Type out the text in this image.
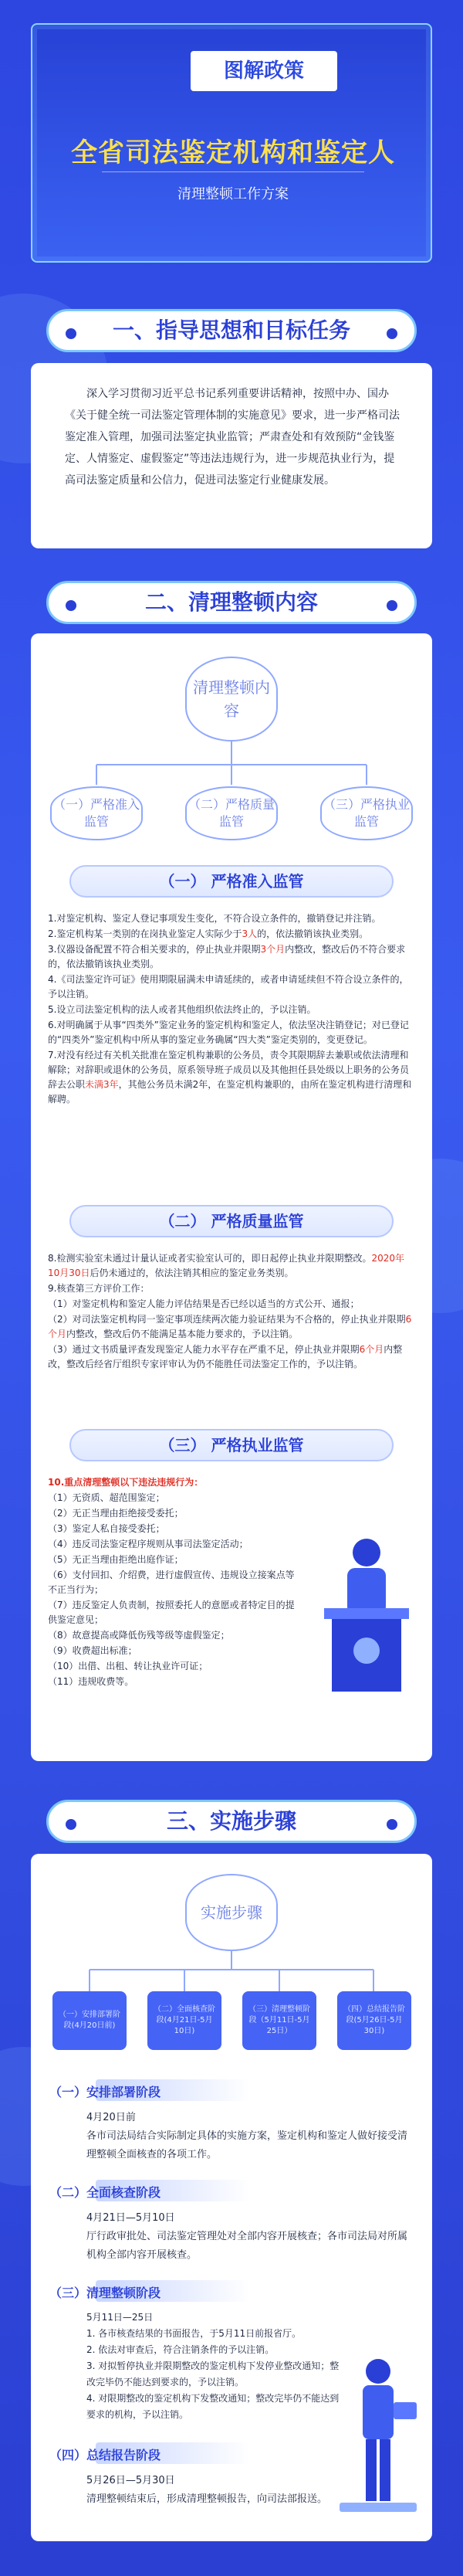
图解政策
全省司法鉴定机构和鉴定人
清理整顿工作方案
一、指导思想和目标任务
深入学习贯彻习近平总书记系列重要讲话精神，按照中办、国办《关于健全统一司法鉴定管理体制的实施意见》要求，进一步严格司法鉴定准入管理，加强司法鉴定执业监管；严肃查处和有效预防“金钱鉴定、人情鉴定、虚假鉴定”等违法违规行为，进一步规范执业行为，提高司法鉴定质量和公信力，促进司法鉴定行业健康发展。
二、清理整顿内容
清理整顿内容
（一）严格准入监管
（二）严格质量监管
（三）严格执业监管
（一） 严格准入监管

1.对鉴定机构、鉴定人登记事项发生变化，不符合设立条件的，撤销登记并注销。

2.鉴定机构某一类别的在岗执业鉴定人实际少于3人的，依法撤销该执业类别。

3.仪器设备配置不符合相关要求的，停止执业并限期3个月内整改，整改后仍不符合要求的，依法撤销该执业类别。

4.《司法鉴定许可证》使用期限届满未申请延续的，或者申请延续但不符合设立条件的，予以注销。

5.设立司法鉴定机构的法人或者其他组织依法终止的，予以注销。

6.对明确属于从事“四类外”鉴定业务的鉴定机构和鉴定人，依法坚决注销登记；对已登记的“四类外”鉴定机构中所从事的鉴定业务确属“四大类”鉴定类别的，变更登记。

7.对没有经过有关机关批准在鉴定机构兼职的公务员，责令其限期辞去兼职或依法清理和解除；对辞职或退休的公务员，原系领导班子成员以及其他担任县处级以上职务的公务员辞去公职未满3年，其他公务员未满2年，在鉴定机构兼职的，由所在鉴定机构进行清理和解聘。

（二） 严格质量监管

8.检测实验室未通过计量认证或者实验室认可的，即日起停止执业并限期整改。2020年10月30日后仍未通过的，依法注销其相应的鉴定业务类别。

9.核查第三方评价工作：

（1）对鉴定机构和鉴定人能力评估结果是否已经以适当的方式公开、通报；

（2）对司法鉴定机构同一鉴定事项连续两次能力验证结果为不合格的，停止执业并限期6个月内整改，整改后仍不能满足基本能力要求的，予以注销。

（3）通过文书质量评查发现鉴定人能力水平存在严重不足，停止执业并限期6个月内整改，整改后经省厅组织专家评审认为仍不能胜任司法鉴定工作的，予以注销。

（三） 严格执业监管

10.重点清理整顿以下违法违规行为：

（1）无资质、超范围鉴定；

（2）无正当理由拒绝接受委托；

（3）鉴定人私自接受委托；

（4）违反司法鉴定程序规则从事司法鉴定活动；

（5）无正当理由拒绝出庭作证；

（6）支付回扣、介绍费，进行虚假宣传、违规设立接案点等不正当行为；

（7）违反鉴定人负责制，按照委托人的意愿或者特定目的提供鉴定意见；

（8）故意提高或降低伤残等级等虚假鉴定；

（9）收费超出标准；

（10）出借、出租、转让执业许可证；

（11）违规收费等。

三、实施步骤
实施步骤
（一）安排部署阶段(4月20日前)
（二）全面核查阶段(4月21日-5月10日)
（三）清理整顿阶段（5月11日-5月25日）
（四）总结报告阶段(5月26日-5月30日)
（一）安排部署阶段

4月20日前

各市司法局结合实际制定具体的实施方案，鉴定机构和鉴定人做好接受清理整顿全面核查的各项工作。

（二）全面核查阶段

4月21日—5月10日

厅行政审批处、司法鉴定管理处对全部内容开展核查；各市司法局对所属机构全部内容开展核查。

（三）清理整顿阶段

5月11日—25日

1. 各市核查结果的书面报告，于5月11日前报省厅。

2. 依法对审查后，符合注销条件的予以注销。

3. 对拟暂停执业并限期整改的鉴定机构下发停业整改通知；整改完毕仍不能达到要求的，予以注销。

4. 对限期整改的鉴定机构下发整改通知；整改完毕仍不能达到要求的机构，予以注销。

（四）总结报告阶段

5月26日—5月30日

清理整顿结束后，形成清理整顿报告，向司法部报送。
